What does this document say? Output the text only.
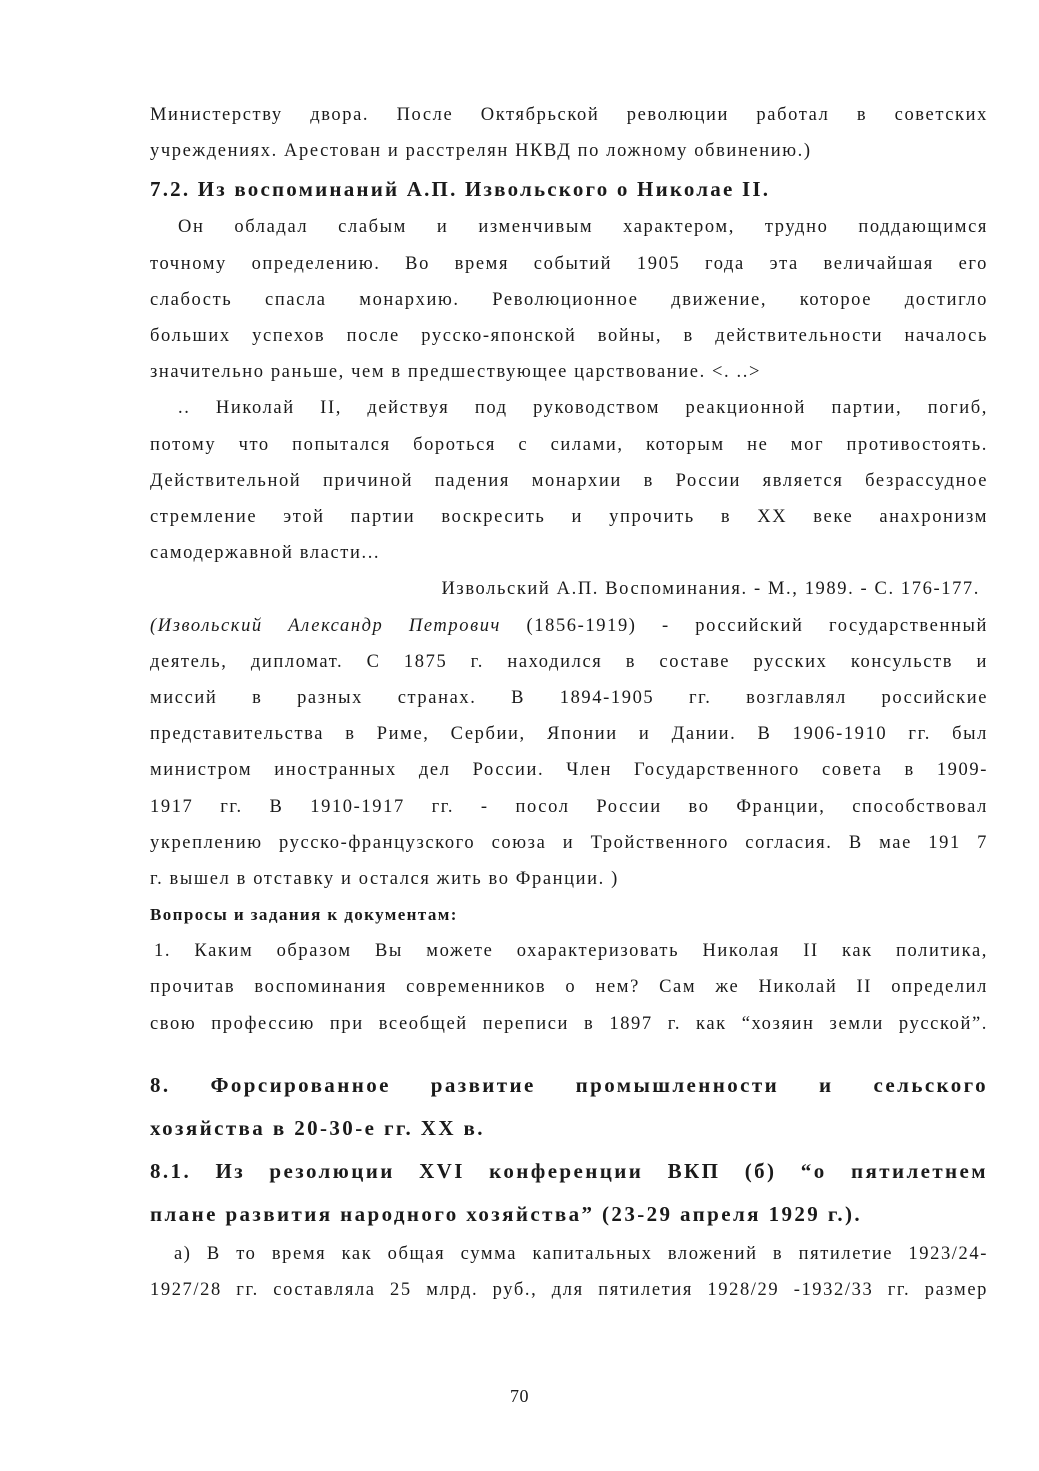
Министерству двора. После Октябрьской революции работал в советских
учреждениях. Арестован и расстрелян НКВД по ложному обвинению.)
7.2. Из воспоминаний А.П. Извольского о Николае II.
Он обладал слабым и изменчивым характером, трудно поддающимся
точному определению. Во время событий 1905 года эта величайшая его
слабость спасла монархию. Революционное движение, которое достигло
больших успехов после русско-японской войны, в действительности началось
значительно раньше, чем в предшествующее царствование. <. ..>
.. Николай II, действуя под руководством реакционной партии, погиб,
потому что попытался бороться с силами, которым не мог противостоять.
Действительной причиной падения монархии в России является безрассудное
стремление этой партии воскресить и упрочить в XX веке анахронизм
самодержавной власти...
Извольский А.П. Воспоминания. - М., 1989. - С. 176-177.
(Извольский Александр Петрович (1856-1919) - российский государственный
деятель, дипломат. С 1875 г. находился в составе русских консульств и
миссий в разных странах. В 1894-1905 гг. возглавлял российские
представительства в Риме, Сербии, Японии и Дании. В 1906-1910 гг. был
министром иностранных дел России. Член Государственного совета в 1909-
1917 гг. В 1910-1917 гг. - посол России во Франции, способствовал
укреплению русско-французского союза и Тройственного согласия. В мае 191 7
г. вышел в отставку и остался жить во Франции. )
Вопросы и задания к документам:
1. Каким образом Вы можете охарактеризовать Николая II как политика,
прочитав воспоминания современников о нем? Сам же Николай II определил
свою профессию при всеобщей переписи в 1897 г. как “хозяин земли русской”.
8. Форсированное развитие промышленности и сельского
хозяйства в 20-30-е гг. XX в.
8.1. Из резолюции XVI конференции ВКП (б) “о пятилетнем
плане развития народного хозяйства” (23-29 апреля 1929 г.).
а) В то время как общая сумма капитальных вложений в пятилетие 1923/24-
1927/28 гг. составляла 25 млрд. руб., для пятилетия 1928/29 -1932/33 гг. размер
70
